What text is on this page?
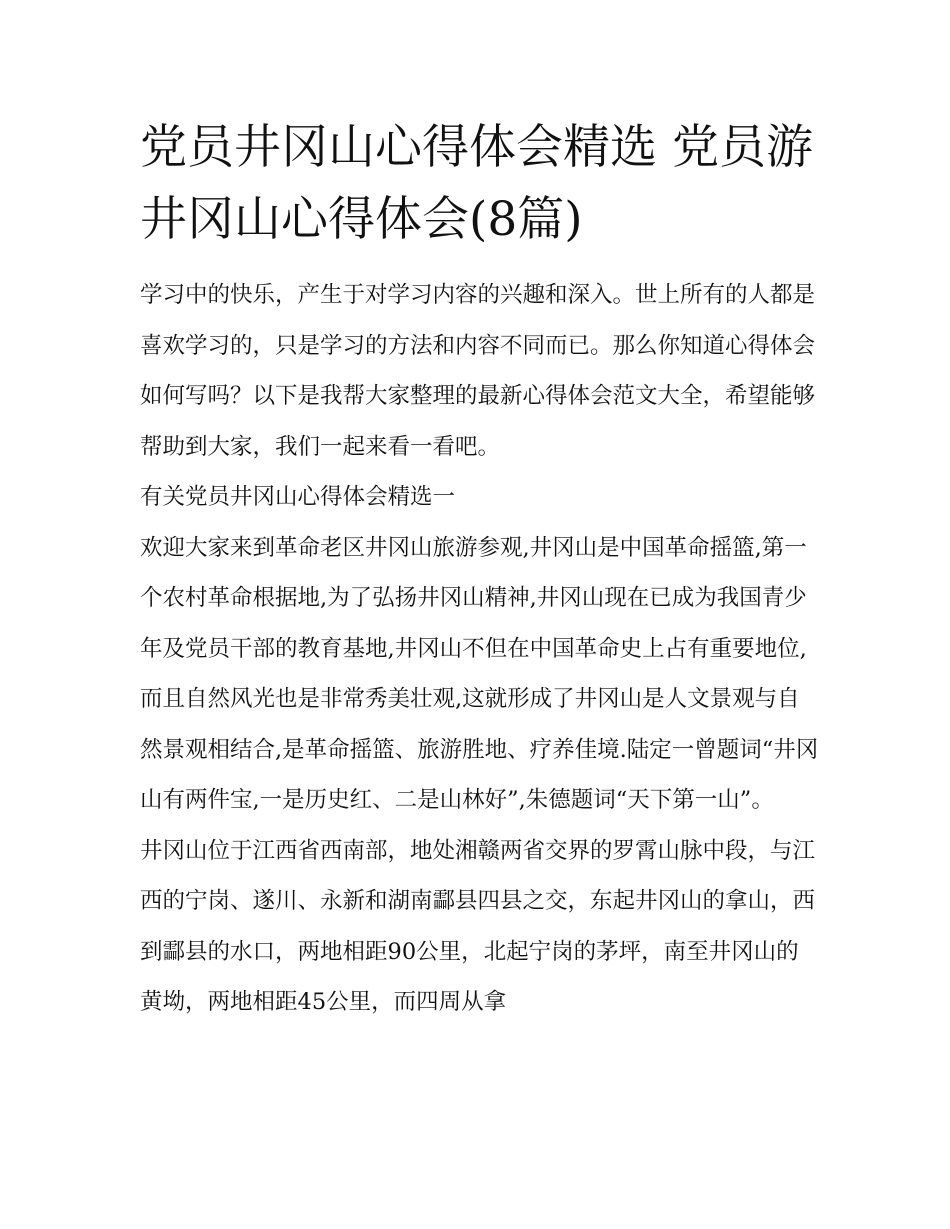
党员井冈山心得体会精选 党员游井冈山心得体会(8篇)

学习中的快乐，产生于对学习内容的兴趣和深入。世上所有的人都是喜欢学习的，只是学习的方法和内容不同而已。那么你知道心得体会如何写吗？以下是我帮大家整理的最新心得体会范文大全，希望能够帮助到大家，我们一起来看一看吧。

有关党员井冈山心得体会精选一

欢迎大家来到革命老区井冈山旅游参观,井冈山是中国革命摇篮,第一个农村革命根据地,为了弘扬井冈山精神,井冈山现在已成为我国青少年及党员干部的教育基地,井冈山不但在中国革命史上占有重要地位,而且自然风光也是非常秀美壮观,这就形成了井冈山是人文景观与自然景观相结合,是革命摇篮、旅游胜地、疗养佳境.陆定一曾题词“井冈山有两件宝,一是历史红、二是山林好”,朱德题词“天下第一山”。

井冈山位于江西省西南部，地处湘赣两省交界的罗霄山脉中段，与江西的宁岗、遂川、永新和湖南酃县四县之交，东起井冈山的拿山，西到酃县的水口，两地相距90公里，北起宁岗的茅坪，南至井冈山的黄坳，两地相距45公里，而四周从拿
